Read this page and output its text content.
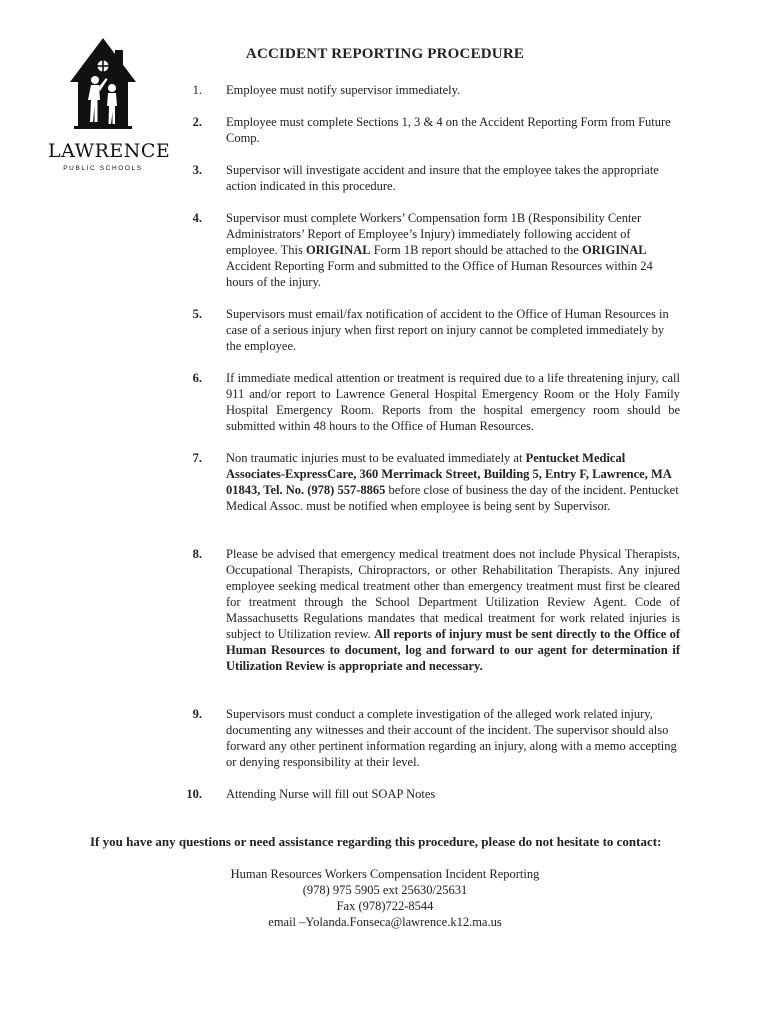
LAWRENCE
PUBLIC SCHOOLS
ACCIDENT REPORTING PROCEDURE
1. Employee must notify supervisor immediately.
2. Employee must complete Sections 1, 3 & 4 on the Accident Reporting Form from Future Comp.
3. Supervisor will investigate accident and insure that the employee takes the appropriate action indicated in this procedure.
4. Supervisor must complete Workers’ Compensation form 1B (Responsibility Center Administrators’ Report of Employee’s Injury) immediately following accident of employee. This ORIGINAL Form 1B report should be attached to the ORIGINAL Accident Reporting Form and submitted to the Office of Human Resources within 24 hours of the injury.
5. Supervisors must email/fax notification of accident to the Office of Human Resources in case of a serious injury when first report on injury cannot be completed immediately by the employee.
6. If immediate medical attention or treatment is required due to a life threatening injury, call 911 and/or report to Lawrence General Hospital Emergency Room or the Holy Family Hospital Emergency Room. Reports from the hospital emergency room should be submitted within 48 hours to the Office of Human Resources.
7. Non traumatic injuries must to be evaluated immediately at Pentucket Medical Associates-ExpressCare, 360 Merrimack Street, Building 5, Entry F, Lawrence, MA 01843, Tel. No. (978) 557-8865 before close of business the day of the incident. Pentucket Medical Assoc. must be notified when employee is being sent by Supervisor.
8. Please be advised that emergency medical treatment does not include Physical Therapists, Occupational Therapists, Chiropractors, or other Rehabilitation Therapists. Any injured employee seeking medical treatment other than emergency treatment must first be cleared for treatment through the School Department Utilization Review Agent. Code of Massachusetts Regulations mandates that medical treatment for work related injuries is subject to Utilization review. All reports of injury must be sent directly to the Office of Human Resources to document, log and forward to our agent for determination if Utilization Review is appropriate and necessary.
9. Supervisors must conduct a complete investigation of the alleged work related injury, documenting any witnesses and their account of the incident. The supervisor should also forward any other pertinent information regarding an injury, along with a memo accepting or denying responsibility at their level.
10. Attending Nurse will fill out SOAP Notes
If you have any questions or need assistance regarding this procedure, please do not hesitate to contact:
Human Resources Workers Compensation Incident Reporting
(978) 975 5905 ext 25630/25631
Fax (978)722-8544
email –Yolanda.Fonseca@lawrence.k12.ma.us
